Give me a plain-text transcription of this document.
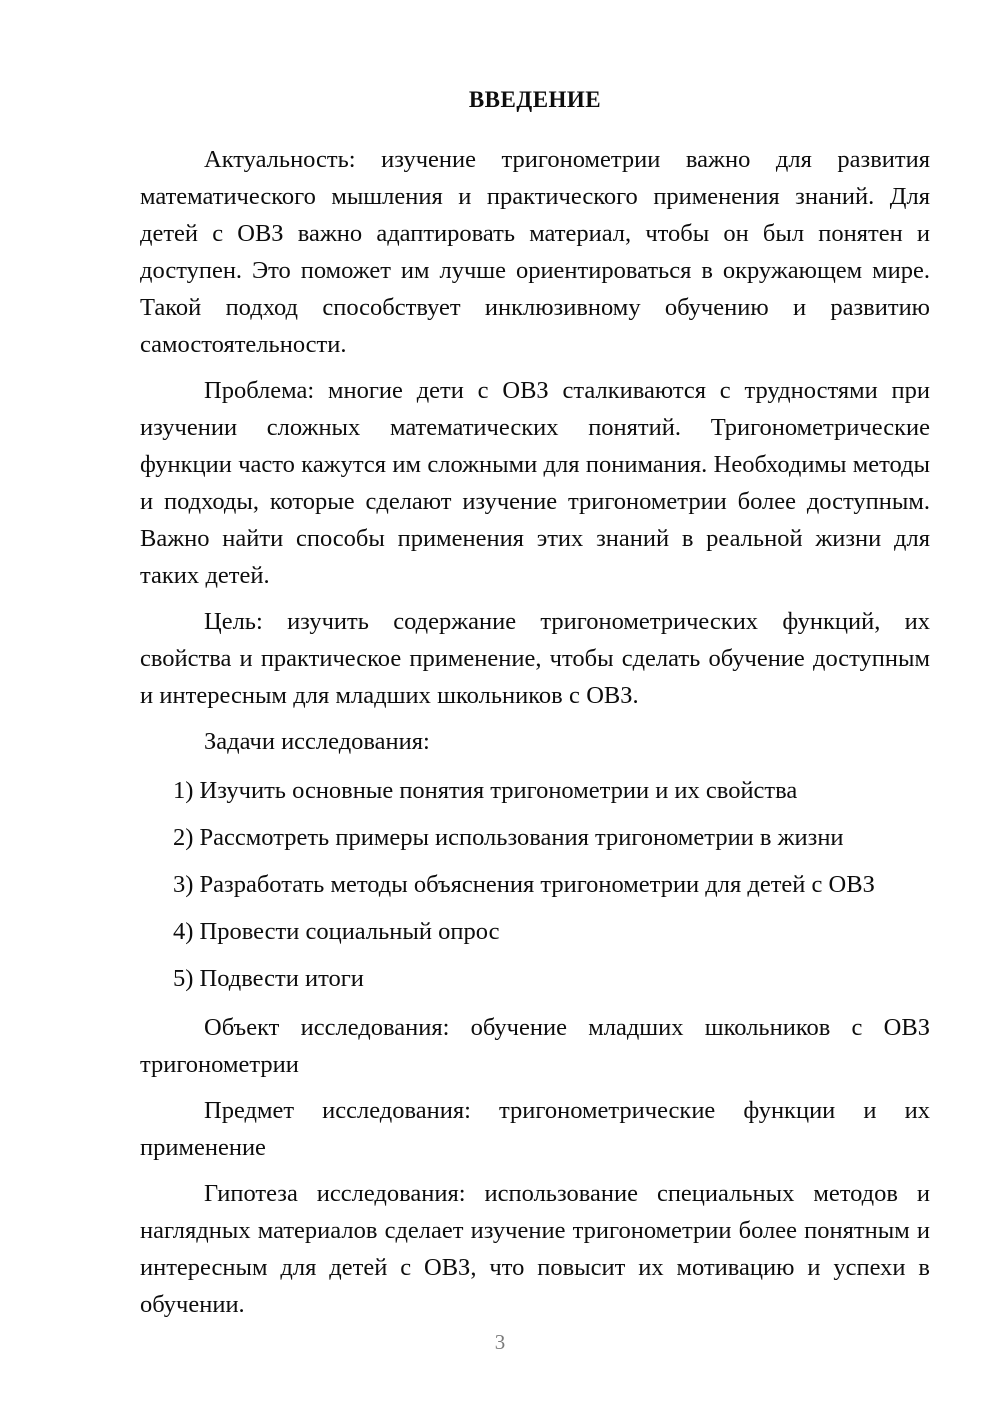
ВВЕДЕНИЕ

Актуальность: изучение тригонометрии важно для развития математического мышления и практического применения знаний. Для детей с ОВЗ важно адаптировать материал, чтобы он был понятен и доступен. Это поможет им лучше ориентироваться в окружающем мире. Такой подход способствует инклюзивному обучению и развитию самостоятельности.

Проблема: многие дети с ОВЗ сталкиваются с трудностями при изучении сложных математических понятий. Тригонометрические функции часто кажутся им сложными для понимания. Необходимы методы и подходы, которые сделают изучение тригонометрии более доступным. Важно найти способы применения этих знаний в реальной жизни для таких детей.

Цель: изучить содержание тригонометрических функций, их свойства и практическое применение, чтобы сделать обучение доступным и интересным для младших школьников с ОВЗ.

Задачи исследования:

1) Изучить основные понятия тригонометрии и их свойства
2) Рассмотреть примеры использования тригонометрии в жизни
3) Разработать методы объяснения тригонометрии для детей с ОВЗ
4) Провести социальный опрос
5) Подвести итоги

Объект исследования: обучение младших школьников с ОВЗ тригонометрии

Предмет исследования: тригонометрические функции и их применение

Гипотеза исследования: использование специальных методов и наглядных материалов сделает изучение тригонометрии более понятным и интересным для детей с ОВЗ, что повысит их мотивацию и успехи в обучении.

3
